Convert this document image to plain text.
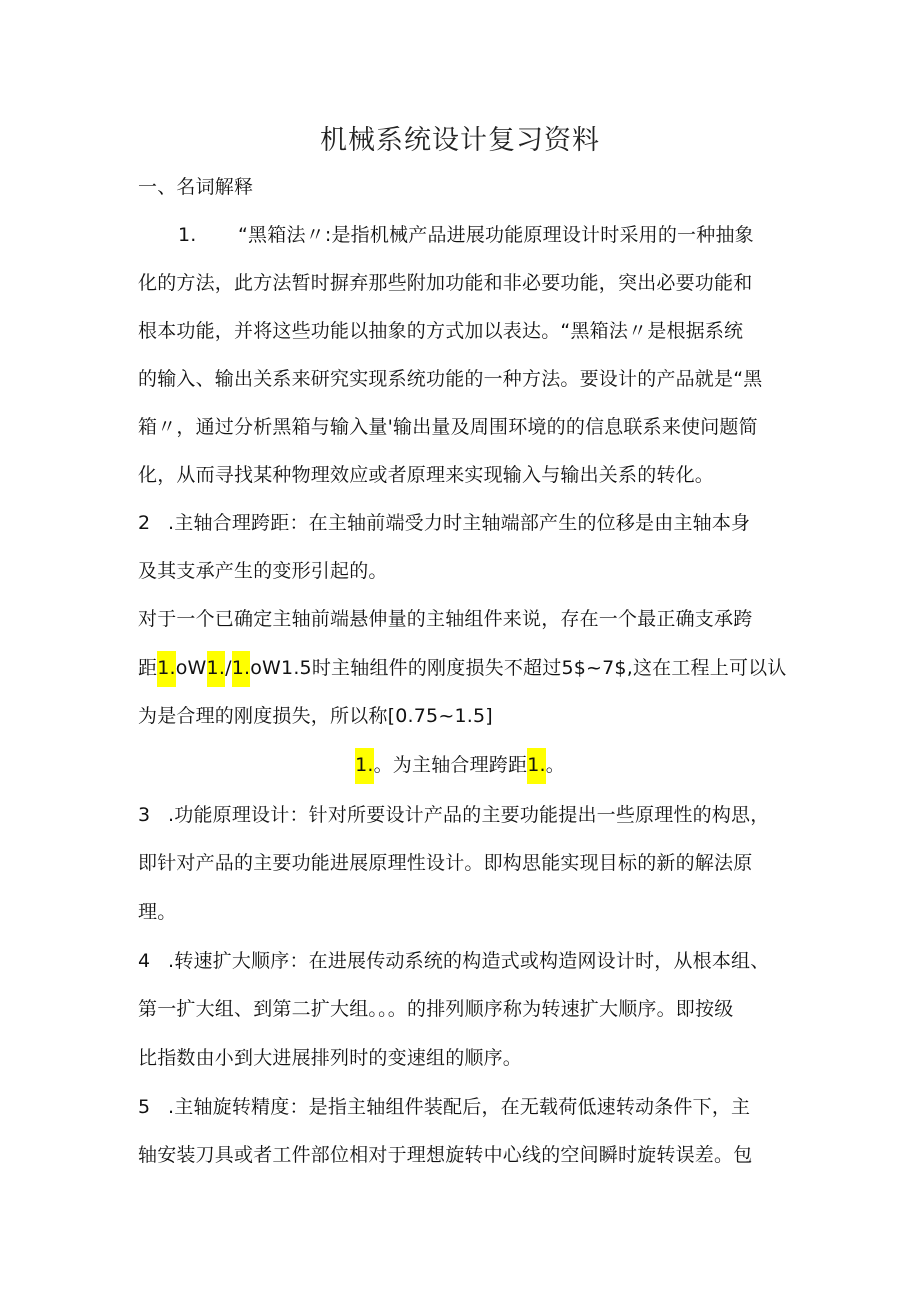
机械系统设计复习资料
一、名词解释
1. “黑箱法〃:是指机械产品进展功能原理设计时采用的一种抽象
化的方法，此方法暂时摒弃那些附加功能和非必要功能，突出必要功能和
根本功能，并将这些功能以抽象的方式加以表达。“黑箱法〃是根据系统
的输入、输出关系来研究实现系统功能的一种方法。要设计的产品就是“黑
箱〃，通过分析黑箱与输入量'输出量及周围环境的的信息联系来使问题简
化，从而寻找某种物理效应或者原理来实现输入与输出关系的转化。
2 .主轴合理跨距：在主轴前端受力时主轴端部产生的位移是由主轴本身
及其支承产生的变形引起的。
对于一个已确定主轴前端悬伸量的主轴组件来说，存在一个最正确支承跨
距1.oW1./1.oW1.5时主轴组件的刚度损失不超过5$~7$,这在工程上可以认
为是合理的刚度损失，所以称[0.75~1.5]
1.。为主轴合理跨距1.。
3 .功能原理设计：针对所要设计产品的主要功能提出一些原理性的构思，
即针对产品的主要功能进展原理性设计。即构思能实现目标的新的解法原
理。
4 .转速扩大顺序：在进展传动系统的构造式或构造网设计时，从根本组、
第一扩大组、到第二扩大组。。。的排列顺序称为转速扩大顺序。即按级
比指数由小到大进展排列时的变速组的顺序。
5 .主轴旋转精度：是指主轴组件装配后，在无载荷低速转动条件下，主
轴安装刀具或者工件部位相对于理想旋转中心线的空间瞬时旋转误差。包
